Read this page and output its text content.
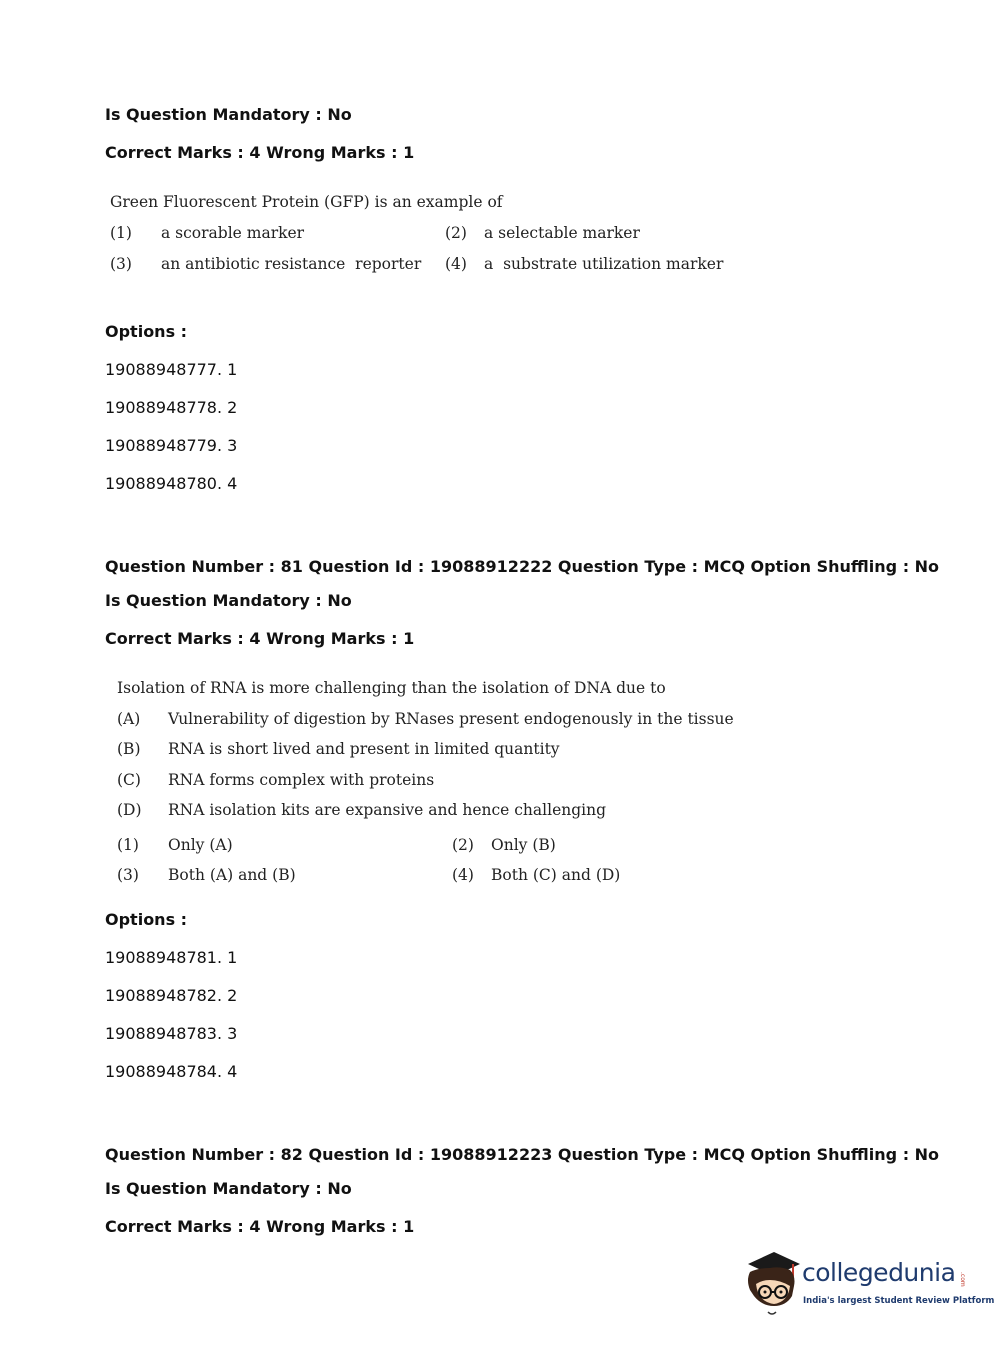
Is Question Mandatory : No
Correct Marks : 4 Wrong Marks : 1
Green Fluorescent Protein (GFP) is an example of
(1) a scorable marker	(2) a selectable marker
(3) an antibiotic resistance  reporter (4) a  substrate utilization marker
Options :
19088948777. 1
19088948778. 2
19088948779. 3
19088948780. 4
Question Number : 81 Question Id : 19088912222 Question Type : MCQ Option Shuffling : No
Is Question Mandatory : No
Correct Marks : 4 Wrong Marks : 1
Isolation of RNA is more challenging than the isolation of DNA due to
(A) Vulnerability of digestion by RNases present endogenously in the tissue
(B) RNA is short lived and present in limited quantity
(C) RNA forms complex with proteins
(D) RNA isolation kits are expansive and hence challenging
(1) Only (A)	(2) Only (B)
(3) Both (A) and (B)	(4) Both (C) and (D)
Options :
19088948781. 1
19088948782. 2
19088948783. 3
19088948784. 4
Question Number : 82 Question Id : 19088912223 Question Type : MCQ Option Shuffling : No
Is Question Mandatory : No
Correct Marks : 4 Wrong Marks : 1
collegedunia .com
India's largest Student Review Platform
